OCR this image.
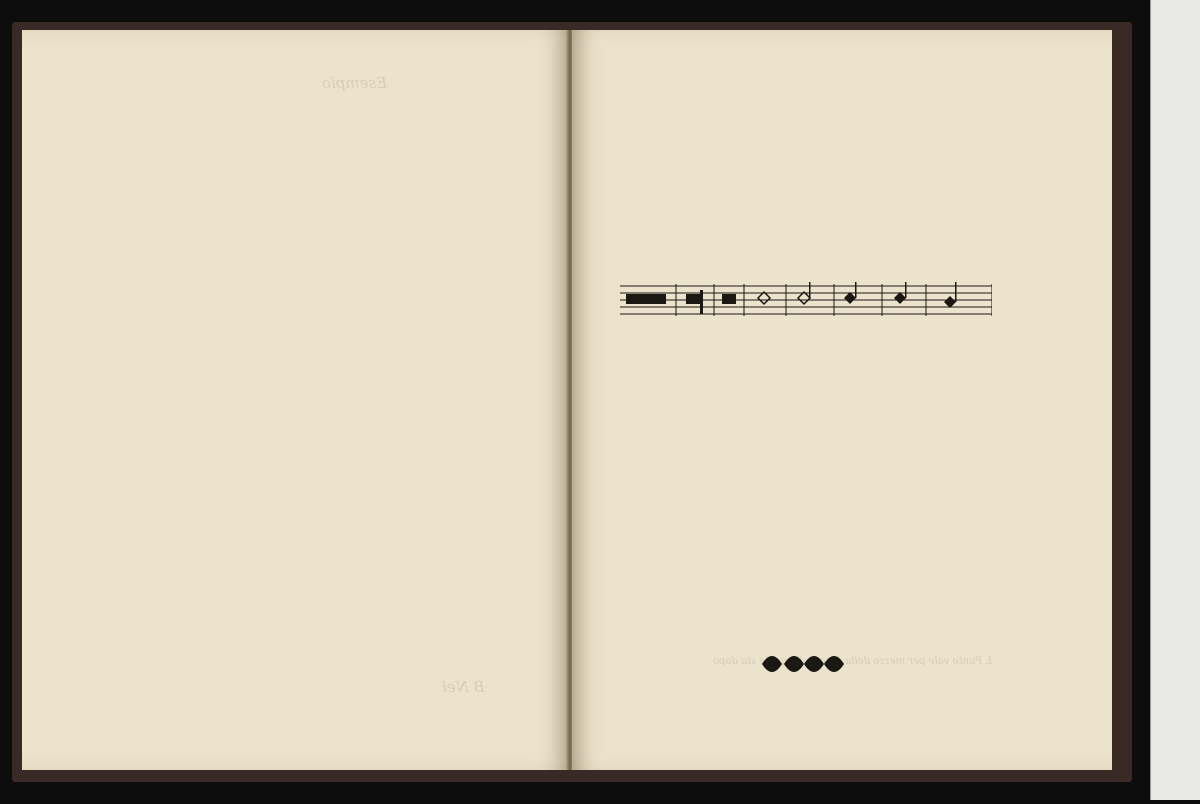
Esempio
B Nel
L Punto vale per mezzo della figura alla quale sta dopo
